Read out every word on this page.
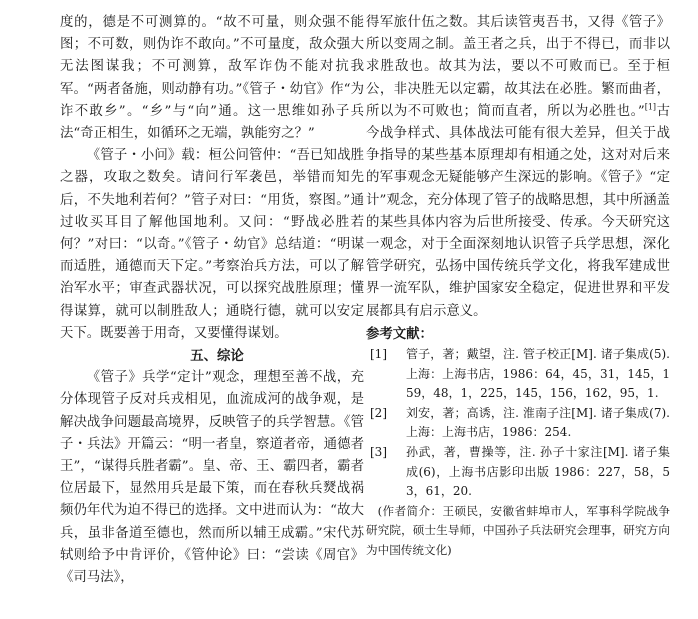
度的，德是不可测算的。“故不可量，则众强不能图；不可数，则伪诈不敢向。”不可量度，敌众强大无法图谋我；不可测算，敌军诈伪不能对抗我军。“两者备施，则动静有功。”《管子・幼官》作“为诈不敢乡”。“乡”与“向”通。这一思维如孙子兵法“奇正相生，如循环之无端，孰能穷之？”

《管子・小问》载：桓公问管仲：“吾已知战胜之器，攻取之数矣。请问行军袭邑，举错而知先后，不失地利若何？”管子对曰：“用货，察图。”通过收买耳目了解他国地利。又问：“野战必胜若何？”对曰：“以奇。”《管子・幼官》总结道：“明谋而适胜，通德而天下定。”考察治兵方法，可以了解治军水平；审查武器状况，可以探究战胜原理；懂得谋算，就可以制胜敌人；通晓行德，就可以安定天下。既要善于用奇，又要懂得谋划。

五、综论

《管子》兵学“定计”观念，理想至善不战，充分体现管子反对兵戎相见，血流成河的战争观，是解决战争问题最高境界，反映管子的兵学智慧。《管子・兵法》开篇云：“明一者皇，察道者帝，通德者王”，“谋得兵胜者霸”。皇、帝、王、霸四者，霸者位居最下，显然用兵是最下策，而在春秋兵燹战祸频仍年代为迫不得已的选择。文中进而认为：“故大兵，虽非备道至德也，然而所以辅王成霸。”宋代苏轼则给予中肯评价，《管仲论》曰：“尝读《周官》《司马法》，

得军旅什伍之数。其后读管夷吾书，又得《管子》所以变周之制。盖王者之兵，出于不得已，而非以求胜敌也。故其为法，要以不可败而已。至于桓公，非决胜无以定霸，故其法在必胜。繁而曲者，所以为不可败也；简而直者，所以为必胜也。”[1]古今战争样式、具体战法可能有很大差异，但关于战争指导的某些基本原理却有相通之处，这对对后来的军事观念无疑能够产生深远的影响。《管子》“定计”观念，充分体现了管子的战略思想，其中所涵盖的某些具体内容为后世所接受、传承。今天研究这一观念，对于全面深刻地认识管子兵学思想，深化管学研究，弘扬中国传统兵学文化，将我军建成世界一流军队，维护国家安全稳定，促进世界和平发展都具有启示意义。

参考文献：

[1] 管子，著；戴望，注. 管子校正[M]. 诸子集成(5). 上海：上海书店，1986：64，45，31，145，159，48，1，225，145，156，162，95，1.
[2] 刘安，著；高诱，注. 淮南子注[M]. 诸子集成(7). 上海：上海书店，1986：254.
[3] 孙武，著，曹操等，注. 孙子十家注[M]. 诸子集成(6)，上海书店影印出版 1986：227，58，53，61，20.

(作者简介：王硕民，安徽省蚌埠市人，军事科学院战争研究院，硕士生导师，中国孙子兵法研究会理事，研究方向为中国传统文化)
